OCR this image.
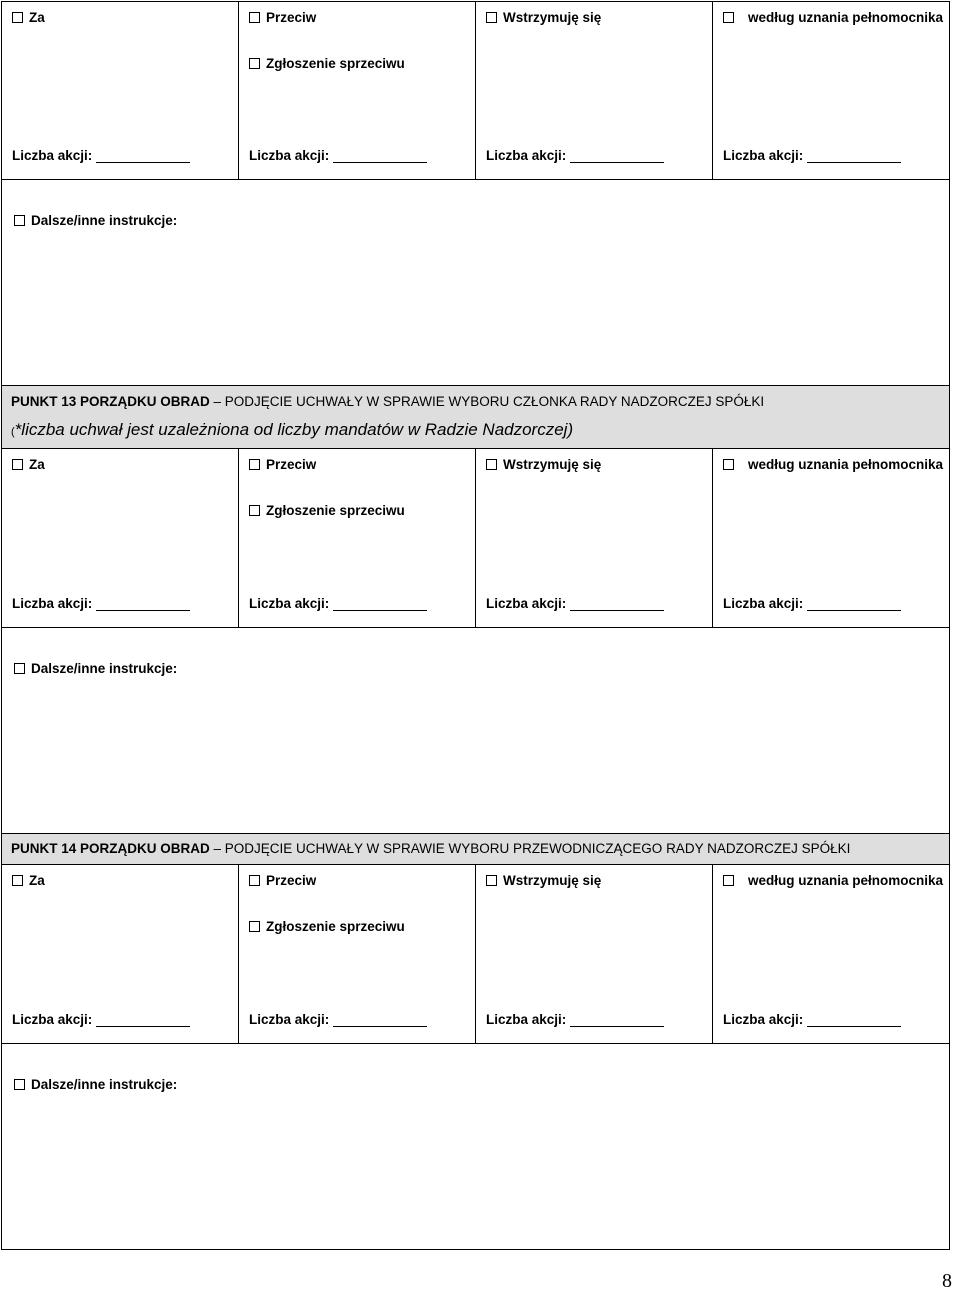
Za
Liczba akcji:
Przeciw
Zgłoszenie sprzeciwu
Liczba akcji:
Wstrzymuję się
Liczba akcji:
według uznania pełnomocnika
Liczba akcji:
Dalsze/inne instrukcje:
PUNKT 13 PORZĄDKU OBRAD – PODJĘCIE UCHWAŁY W SPRAWIE WYBORU CZŁONKA RADY NADZORCZEJ SPÓŁKI
(*liczba uchwał jest uzależniona od liczby mandatów w Radzie Nadzorczej)
Za
Liczba akcji:
Przeciw
Zgłoszenie sprzeciwu
Liczba akcji:
Wstrzymuję się
Liczba akcji:
według uznania pełnomocnika
Liczba akcji:
Dalsze/inne instrukcje:
PUNKT 14 PORZĄDKU OBRAD – PODJĘCIE UCHWAŁY W SPRAWIE WYBORU PRZEWODNICZĄCEGO RADY NADZORCZEJ SPÓŁKI
Za
Liczba akcji:
Przeciw
Zgłoszenie sprzeciwu
Liczba akcji:
Wstrzymuję się
Liczba akcji:
według uznania pełnomocnika
Liczba akcji:
Dalsze/inne instrukcje:
8
